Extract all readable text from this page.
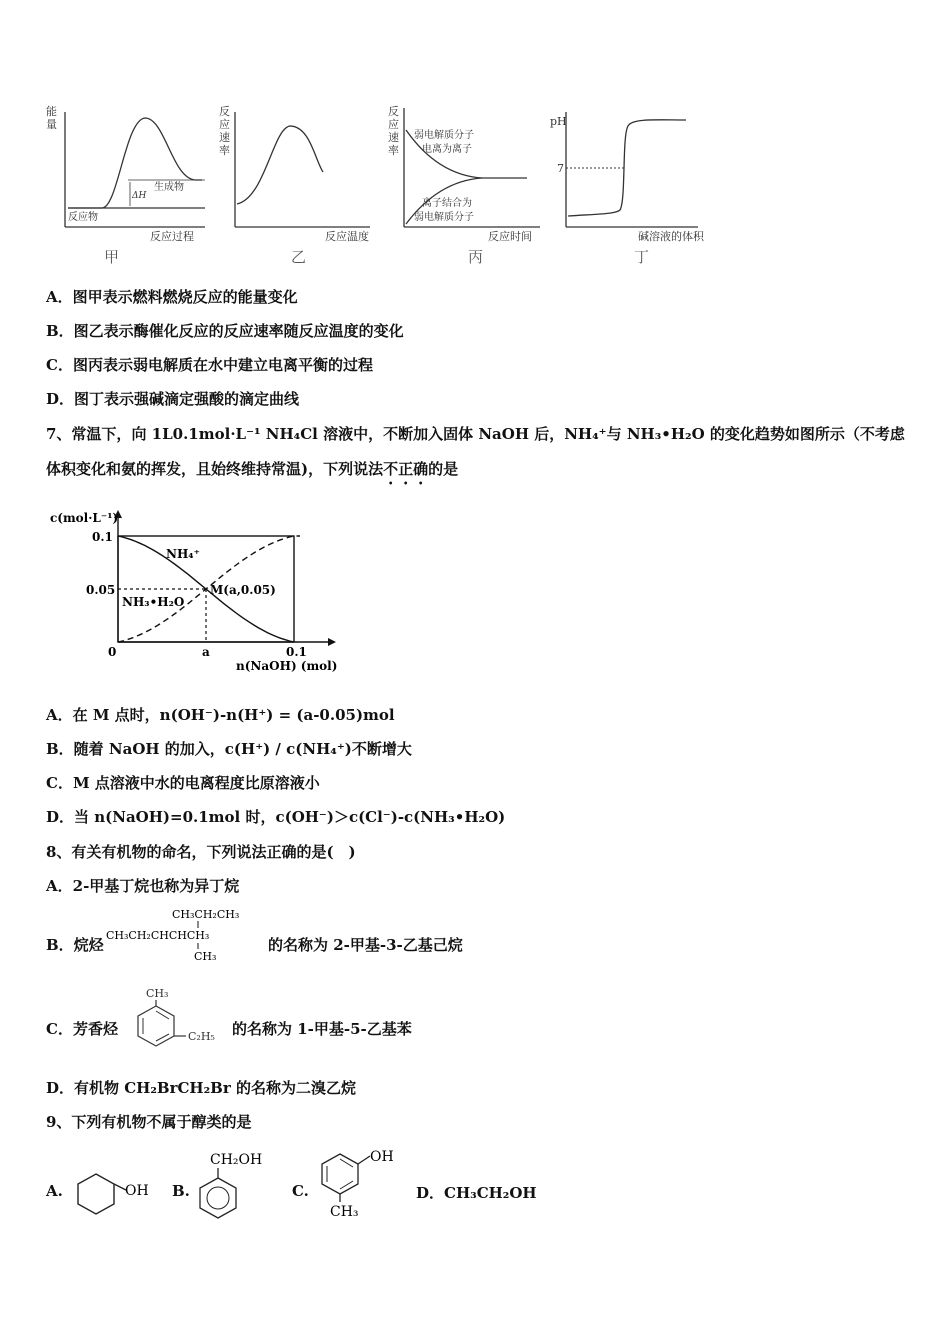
能
量
ΔH
生成物
反应物
反应过程
甲
反
应
速
率
反应温度
乙
反
应
速
率
弱电解质分子
电离为离子
离子结合为
弱电解质分子
反应时间
丙
pH
7
碱溶液的体积
丁
A．图甲表示燃料燃烧反应的能量变化
B．图乙表示酶催化反应的反应速率随反应温度的变化
C．图丙表示弱电解质在水中建立电离平衡的过程
D．图丁表示强碱滴定强酸的滴定曲线
7、常温下，向 1L0.1mol·L⁻¹ NH₄Cl 溶液中，不断加入固体 NaOH 后，NH₄⁺与 NH₃•H₂O 的变化趋势如图所示（不考虑
体积变化和氨的挥发，且始终维持常温)，下列说法不正确的是
c(mol·L⁻¹)
0.1
0.05
0	a	0.1
n(NaOH) (mol)
NH₄⁺
NH₃•H₂O
M(a,0.05)
A．在 M 点时，n(OH⁻)-n(H⁺) = (a-0.05)mol
B．随着 NaOH 的加入，c(H⁺) / c(NH₄⁺)不断增大
C．M 点溶液中水的电离程度比原溶液小
D．当 n(NaOH)=0.1mol 时，c(OH⁻)＞c(Cl⁻)-c(NH₃•H₂O)
8、有关有机物的命名，下列说法正确的是(　)
A．2-甲基丁烷也称为异丁烷
B．烷烃
CH₃CH₂CH₃
CH₃CH₂CHCHCH₃
CH₃
的名称为 2-甲基-3-乙基己烷
C．芳香烃
CH₃
C₂H₅ 的名称为 1-甲基-5-乙基苯
D．有机物 CH₂BrCH₂Br 的名称为二溴乙烷
9、下列有机物不属于醇类的是
A.	OH B.
CH₂OH
C.
OH
CH₃
D．CH₃CH₂OH
